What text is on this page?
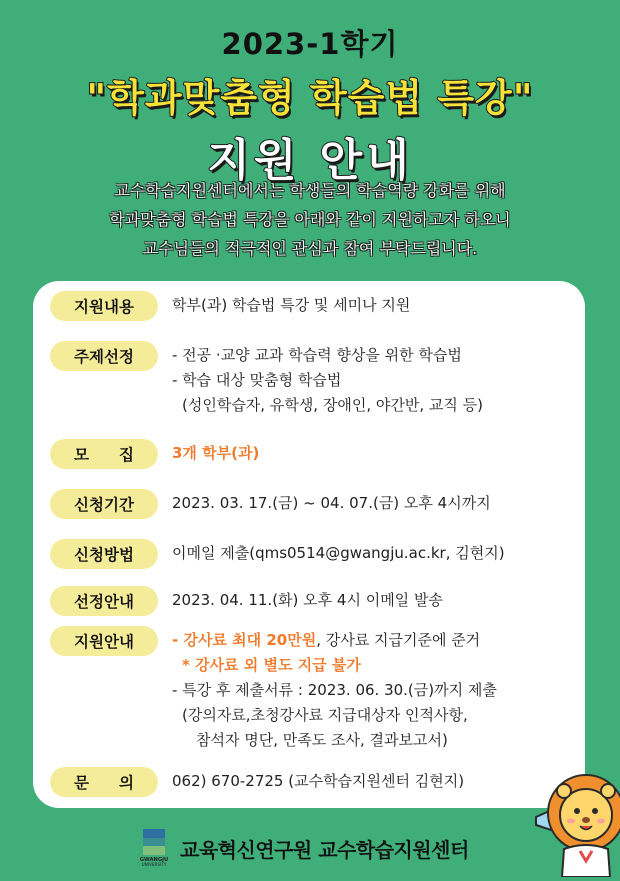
2023-1학기
"학과맞춤형 학습법 특강"
지원 안내
교수학습지원센터에서는 학생들의 학습역량 강화를 위해
학과맞춤형 학습법 특강을 아래와 같이 지원하고자 하오니
교수님들의 적극적인 관심과 참여 부탁드립니다.
지원내용	학부(과) 학습법 특강 및 세미나 지원
주제선정	- 전공 ·교양 교과 학습력 향상을 위한 학습법
- 학습 대상 맞춤형 학습법
(성인학습자, 유학생, 장애인, 야간반, 교직 등)
모 집	3개 학부(과)
신청기간	2023. 03. 17.(금) ~ 04. 07.(금) 오후 4시까지
신청방법	이메일 제출(qms0514@gwangju.ac.kr, 김현지)
선정안내	2023. 04. 11.(화) 오후 4시 이메일 발송
지원안내	- 강사료 최대 20만원, 강사료 지급기준에 준거
* 강사료 외 별도 지급 불가
- 특강 후 제출서류 : 2023. 06. 30.(금)까지 제출
(강의자료,초청강사료 지급대상자 인적사항,
참석자 명단, 만족도 조사, 결과보고서)
문 의	062) 670-2725 (교수학습지원센터 김현지)
GWANGJU
UNIVERSITY
교육혁신연구원 교수학습지원센터
